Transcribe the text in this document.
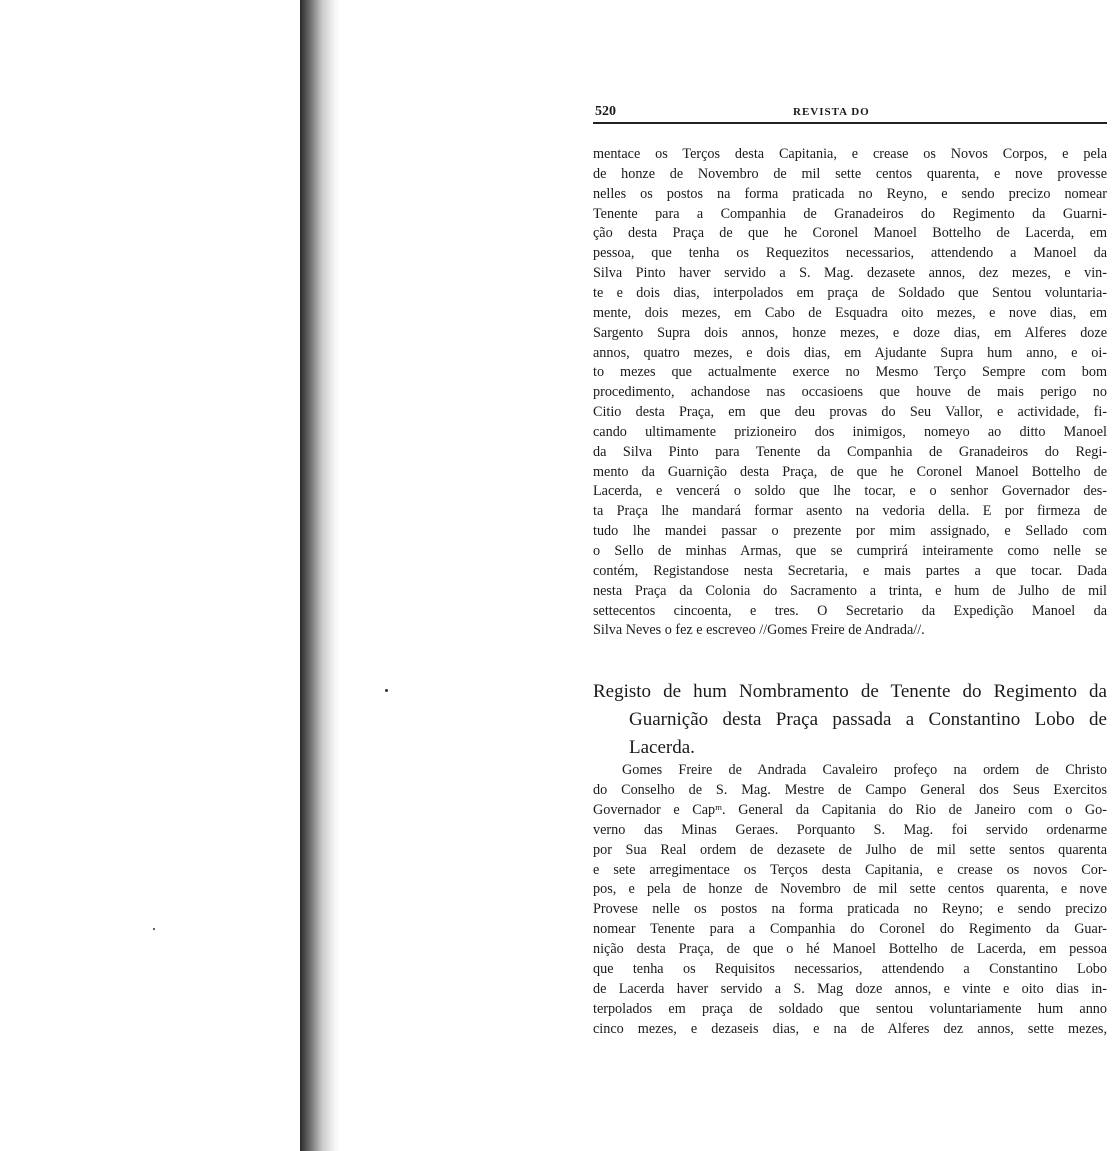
520	REVISTA DO
mentace os Terços desta Capitania, e crease os Novos Corpos, e pela
de honze de Novembro de mil sette centos quarenta, e nove provesse
nelles os postos na forma praticada no Reyno, e sendo precizo nomear
Tenente para a Companhia de Granadeiros do Regimento da Guarni-
ção desta Praça de que he Coronel Manoel Bottelho de Lacerda, em
pessoa, que tenha os Requezitos necessarios, attendendo a Manoel da
Silva Pinto haver servido a S. Mag. dezasete annos, dez mezes, e vin-
te e dois dias, interpolados em praça de Soldado que Sentou voluntaria-
mente, dois mezes, em Cabo de Esquadra oito mezes, e nove dias, em
Sargento Supra dois annos, honze mezes, e doze dias, em Alferes doze
annos, quatro mezes, e dois dias, em Ajudante Supra hum anno, e oi-
to mezes que actualmente exerce no Mesmo Terço Sempre com bom
procedimento, achandose nas occasioens que houve de mais perigo no
Citio desta Praça, em que deu provas do Seu Vallor, e actividade, fi-
cando ultimamente prizioneiro dos inimigos, nomeyo ao ditto Manoel
da Silva Pinto para Tenente da Companhia de Granadeiros do Regi-
mento da Guarnição desta Praça, de que he Coronel Manoel Bottelho de
Lacerda, e vencerá o soldo que lhe tocar, e o senhor Governador des-
ta Praça lhe mandará formar asento na vedoria della. E por firmeza de
tudo lhe mandei passar o prezente por mim assignado, e Sellado com
o Sello de minhas Armas, que se cumprirá inteiramente como nelle se
contém, Registandose nesta Secretaria, e mais partes a que tocar. Dada
nesta Praça da Colonia do Sacramento a trinta, e hum de Julho de mil
settecentos cincoenta, e tres. O Secretario da Expedição Manoel da
Silva Neves o fez e escreveo //Gomes Freire de Andrada//.
Registo de hum Nombramento de Tenente do Regimento da
Guarnição desta Praça passada a Constantino Lobo de
Lacerda.
Gomes Freire de Andrada Cavaleiro profeço na ordem de Christo
do Conselho de S. Mag. Mestre de Campo General dos Seus Exercitos
Governador e Capᵐ. General da Capitania do Rio de Janeiro com o Go-
verno das Minas Geraes. Porquanto S. Mag. foi servido ordenarme
por Sua Real ordem de dezasete de Julho de mil sette sentos quarenta
e sete arregimentace os Terços desta Capitania, e crease os novos Cor-
pos, e pela de honze de Novembro de mil sette centos quarenta, e nove
Provese nelle os postos na forma praticada no Reyno; e sendo precizo
nomear Tenente para a Companhia do Coronel do Regimento da Guar-
nição desta Praça, de que o hé Manoel Bottelho de Lacerda, em pessoa
que tenha os Requisitos necessarios, attendendo a Constantino Lobo
de Lacerda haver servido a S. Mag doze annos, e vinte e oito dias in-
terpolados em praça de soldado que sentou voluntariamente hum anno
cinco mezes, e dezaseis dias, e na de Alferes dez annos, sette mezes,
